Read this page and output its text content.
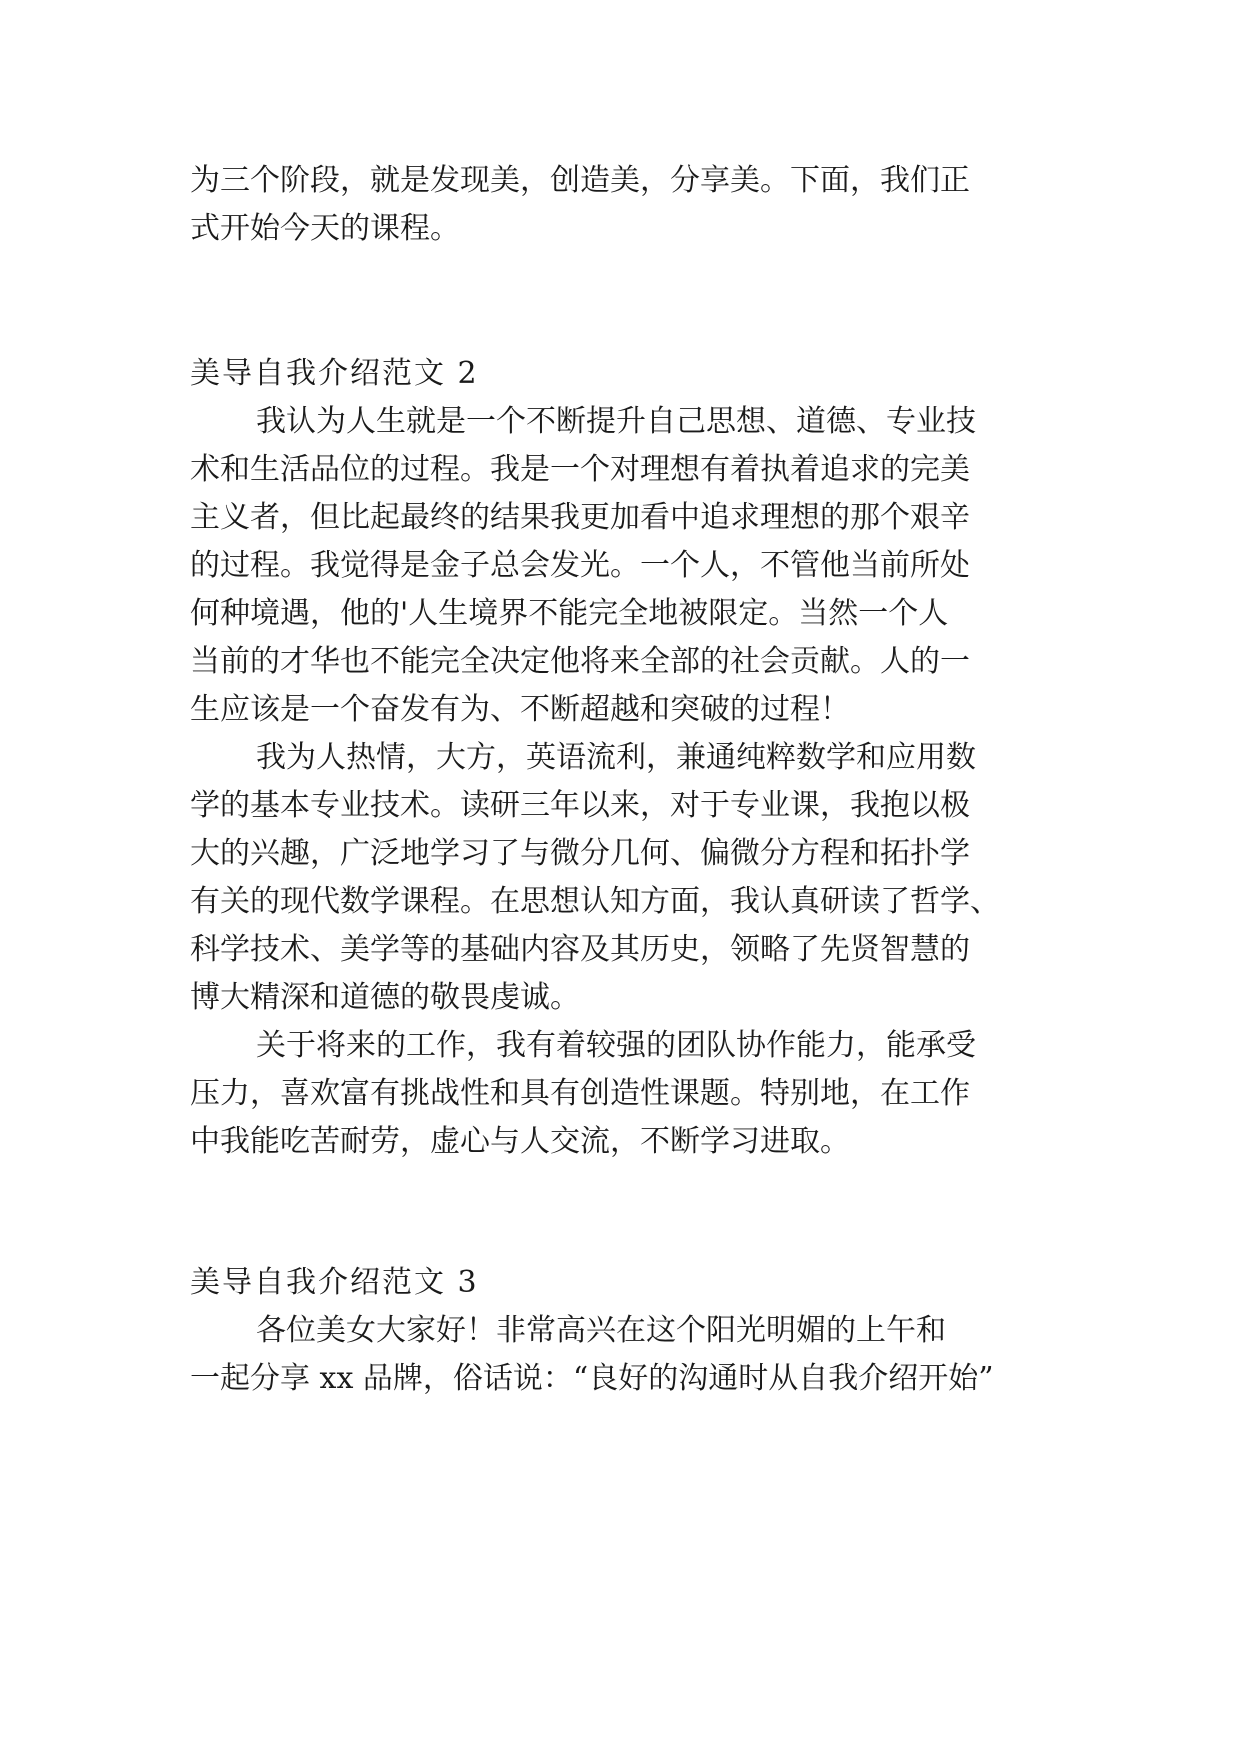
为三个阶段，就是发现美，创造美，分享美。下面，我们正
式开始今天的课程。
美导自我介绍范文 2
我认为人生就是一个不断提升自己思想、道德、专业技
术和生活品位的过程。我是一个对理想有着执着追求的完美
主义者，但比起最终的结果我更加看中追求理想的那个艰辛
的过程。我觉得是金子总会发光。一个人，不管他当前所处
何种境遇，他的'人生境界不能完全地被限定。当然一个人
当前的才华也不能完全决定他将来全部的社会贡献。人的一
生应该是一个奋发有为、不断超越和突破的过程！
我为人热情，大方，英语流利，兼通纯粹数学和应用数
学的基本专业技术。读研三年以来，对于专业课，我抱以极
大的兴趣，广泛地学习了与微分几何、偏微分方程和拓扑学
有关的现代数学课程。在思想认知方面，我认真研读了哲学、
科学技术、美学等的基础内容及其历史，领略了先贤智慧的
博大精深和道德的敬畏虔诚。
关于将来的工作，我有着较强的团队协作能力，能承受
压力，喜欢富有挑战性和具有创造性课题。特别地，在工作
中我能吃苦耐劳，虚心与人交流，不断学习进取。
美导自我介绍范文 3
各位美女大家好！非常高兴在这个阳光明媚的上午和
一起分享 xx 品牌，俗话说：“良好的沟通时从自我介绍开始”
